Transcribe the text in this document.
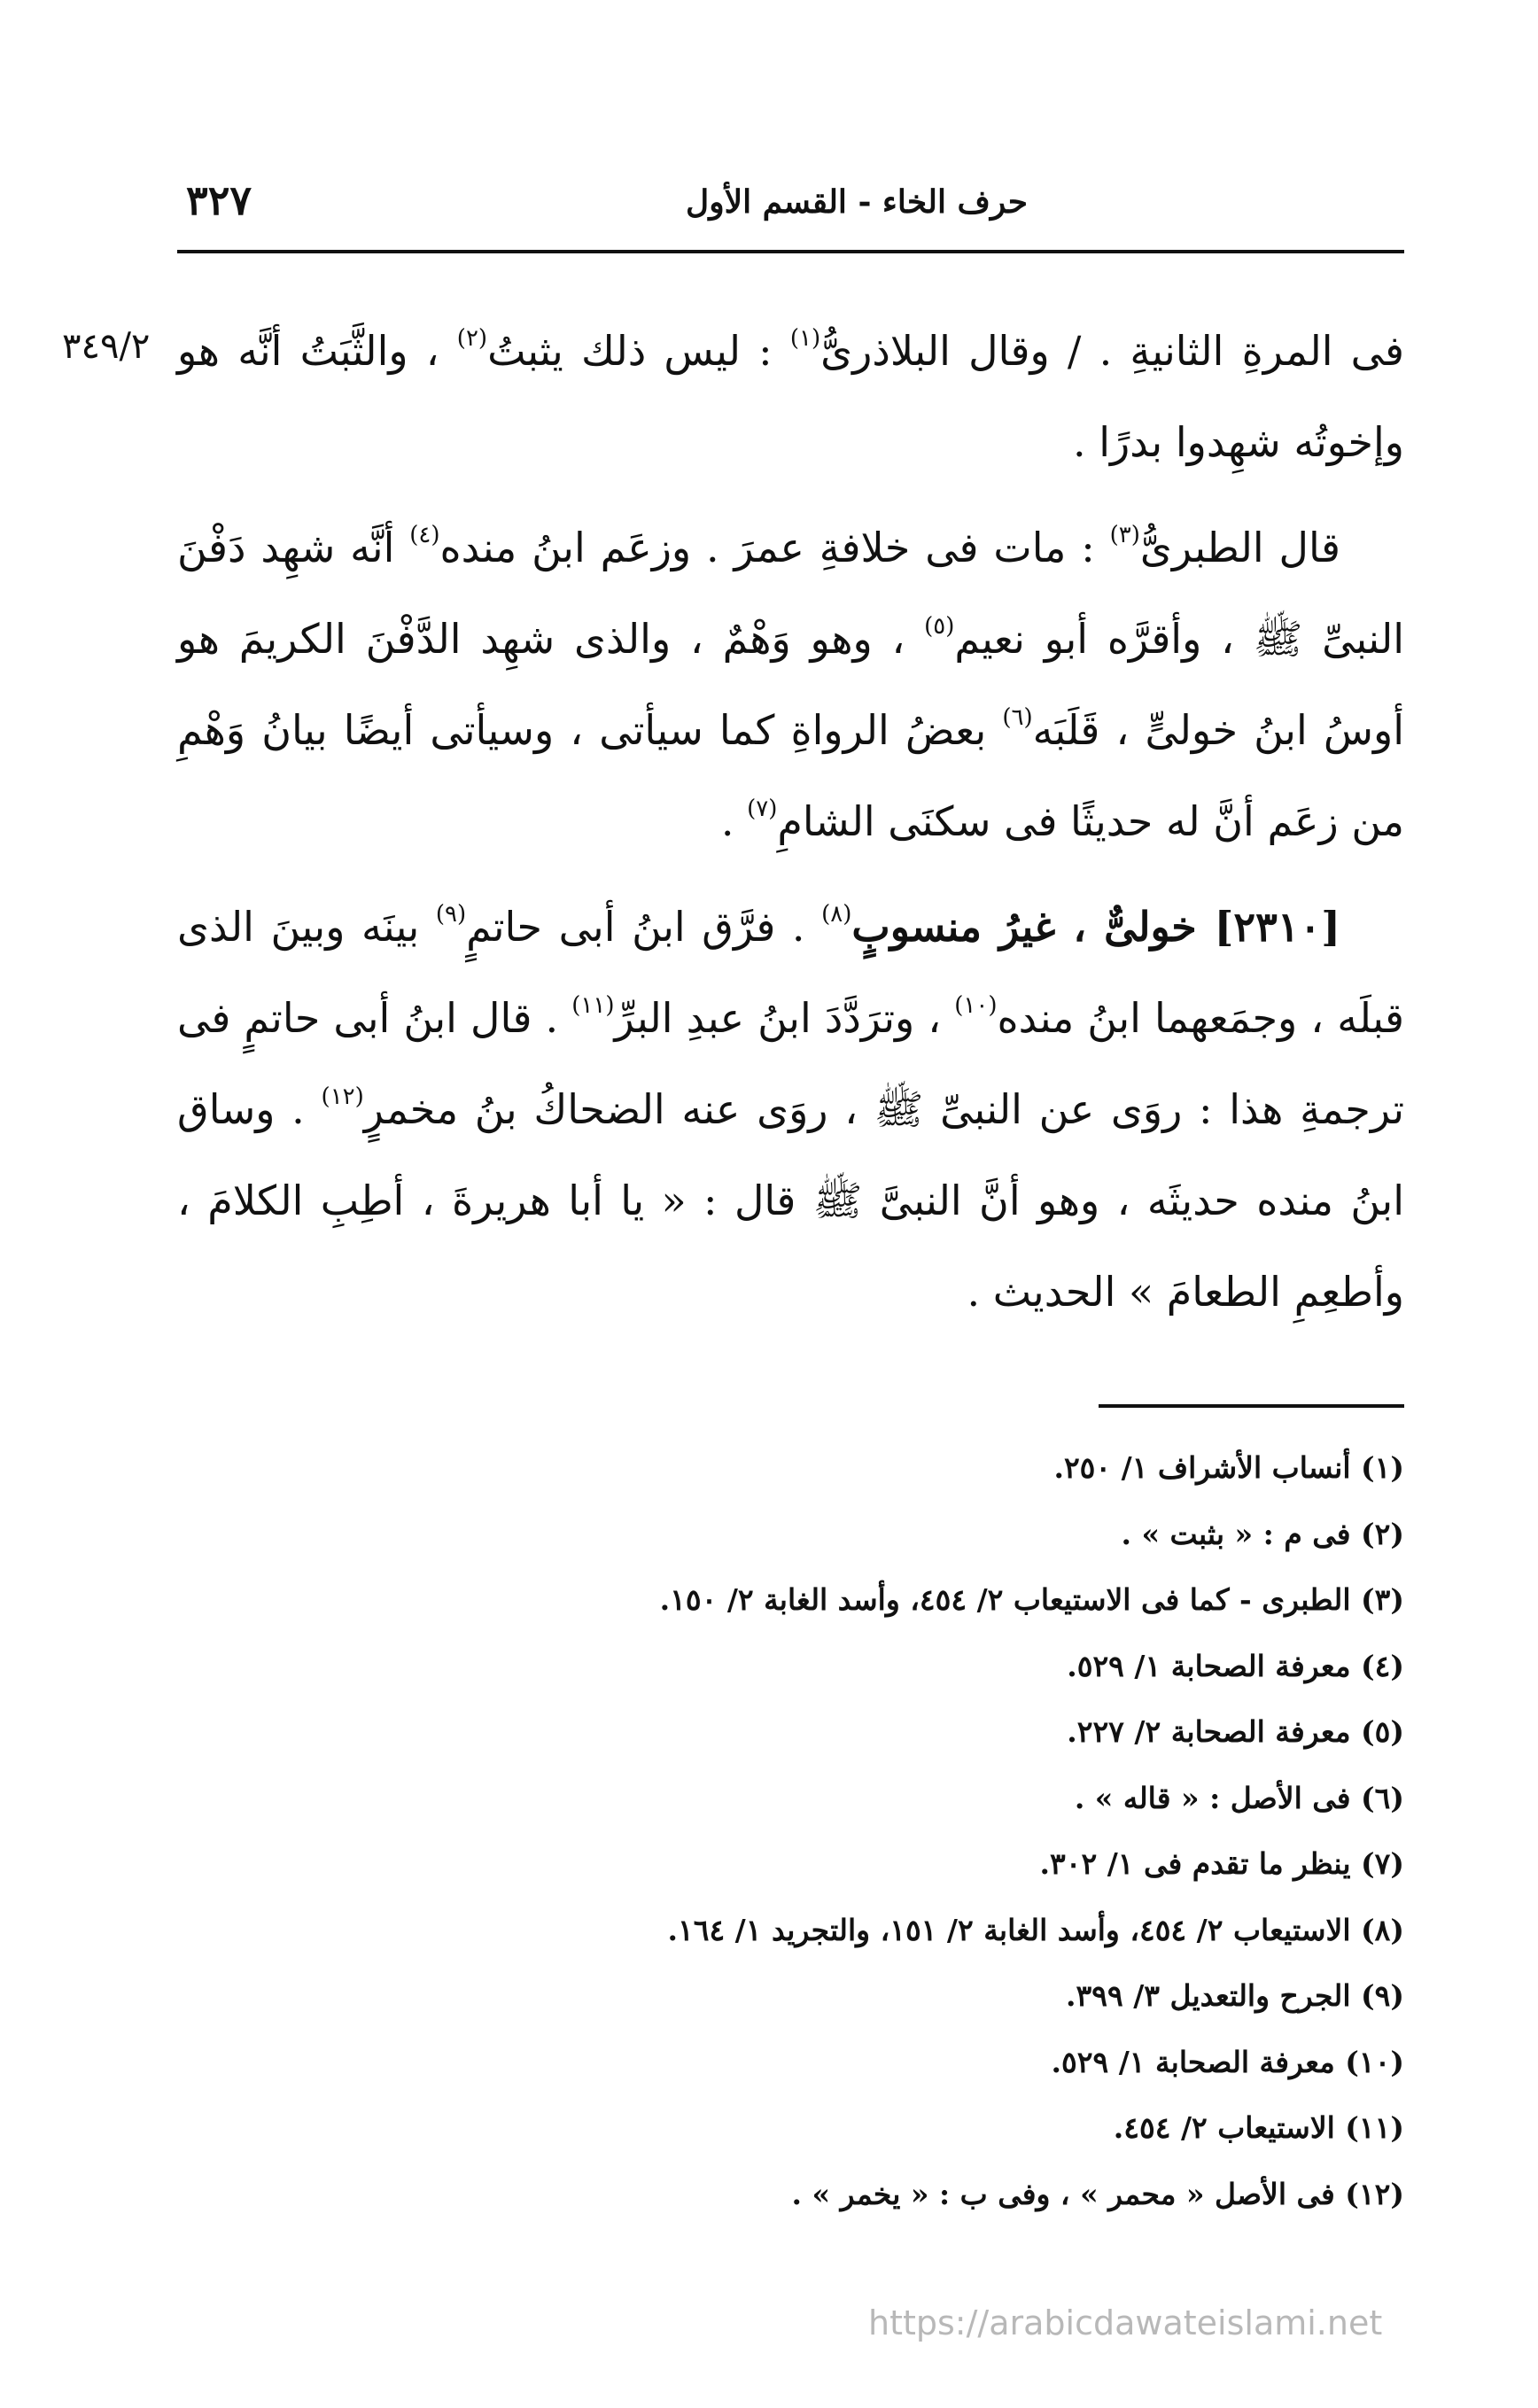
حرف الخاء - القسم الأول
٣٢٧
٣٤٩/٢	فى المرةِ الثانيةِ . / وقال البلاذرىُّ$^{(١)}$ : ليس ذلك يثبتُ$^{(٢)}$ ، والثَّبَتُ أنَّه هو وإخوتُه شهِدوا بدرًا .

قال الطبرىُّ$^{(٣)}$ : مات فى خلافةِ عمرَ . وزعَم ابنُ منده$^{(٤)}$ أنَّه شهِد دَفْنَ النبىِّ ﷺ ، وأقرَّه أبو نعيم$^{(٥)}$ ، وهو وَهْمٌ ، والذى شهِد الدَّفْنَ الكريمَ هو أوسُ ابنُ خولىٍّ ، قَلَبَه$^{(٦)}$ بعضُ الرواةِ كما سيأتى ، وسيأتى أيضًا بيانُ وَهْمِ من زعَم أنَّ له حديثًا فى سكنَى الشامِ$^{(٧)}$ .

[٢٣١٠] خولىٌّ ، غيرُ منسوبٍ$^{(٨)}$ . فرَّق ابنُ أبى حاتمٍ$^{(٩)}$ بينَه وبينَ الذى قبلَه ، وجمَعهما ابنُ منده$^{(١٠)}$ ، وترَدَّدَ ابنُ عبدِ البرِّ$^{(١١)}$ . قال ابنُ أبى حاتمٍ فى ترجمةِ هذا : روَى عن النبىِّ ﷺ ، روَى عنه الضحاكُ بنُ مخمرٍ$^{(١٢)}$ . وساق ابنُ منده حديثَه ، وهو أنَّ النبىَّ ﷺ قال : « يا أبا هريرةَ ، أطِبِ الكلامَ ، وأطعِمِ الطعامَ » الحديث .

(١) أنساب الأشراف ١/ ٢٥٠.
(٢) فى م : « بثبت » .
(٣) الطبرى - كما فى الاستيعاب ٢/ ٤٥٤، وأسد الغابة ٢/ ١٥٠.
(٤) معرفة الصحابة ١/ ٥٢٩.
(٥) معرفة الصحابة ٢/ ٢٢٧.
(٦) فى الأصل : « قاله » .
(٧) ينظر ما تقدم فى ١/ ٣٠٢.
(٨) الاستيعاب ٢/ ٤٥٤، وأسد الغابة ٢/ ١٥١، والتجريد ١/ ١٦٤.
(٩) الجرح والتعديل ٣/ ٣٩٩.
(١٠) معرفة الصحابة ١/ ٥٢٩.
(١١) الاستيعاب ٢/ ٤٥٤.
(١٢) فى الأصل « محمر » ، وفى ب : « يخمر » .
https://arabicdawateislami.net
